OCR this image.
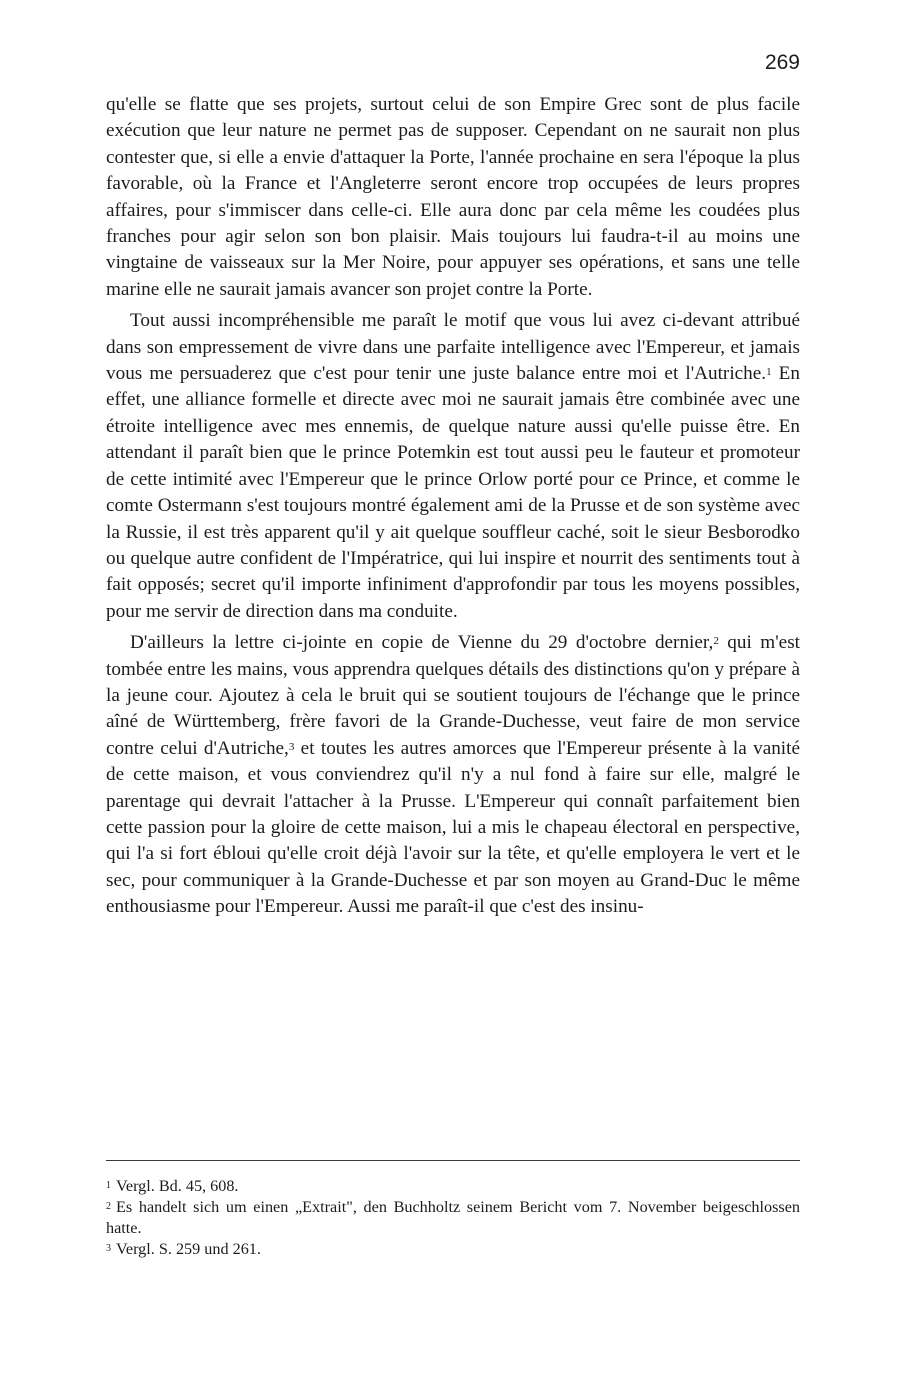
269

qu'elle se flatte que ses projets, surtout celui de son Empire Grec sont de plus facile exécution que leur nature ne permet pas de supposer. Cependant on ne saurait non plus contester que, si elle a envie d'attaquer la Porte, l'année prochaine en sera l'époque la plus favorable, où la France et l'Angleterre seront encore trop occupées de leurs propres affaires, pour s'immiscer dans celle-ci. Elle aura donc par cela même les coudées plus franches pour agir selon son bon plaisir. Mais toujours lui faudra-t-il au moins une vingtaine de vaisseaux sur la Mer Noire, pour appuyer ses opérations, et sans une telle marine elle ne saurait jamais avancer son projet contre la Porte.

Tout aussi incompréhensible me paraît le motif que vous lui avez ci-devant attribué dans son empressement de vivre dans une parfaite intelligence avec l'Empereur, et jamais vous me persuaderez que c'est pour tenir une juste balance entre moi et l'Autriche.$^1$ En effet, une alliance formelle et directe avec moi ne saurait jamais être combinée avec une étroite intelligence avec mes ennemis, de quelque nature aussi qu'elle puisse être. En attendant il paraît bien que le prince Potemkin est tout aussi peu le fauteur et promoteur de cette intimité avec l'Empereur que le prince Orlow porté pour ce Prince, et comme le comte Ostermann s'est toujours montré également ami de la Prusse et de son système avec la Russie, il est très apparent qu'il y ait quelque souffleur caché, soit le sieur Besborodko ou quelque autre confident de l'Impératrice, qui lui inspire et nourrit des sentiments tout à fait opposés; secret qu'il importe infiniment d'approfondir par tous les moyens possibles, pour me servir de direction dans ma conduite.

D'ailleurs la lettre ci-jointe en copie de Vienne du 29 d'octobre dernier,$^2$ qui m'est tombée entre les mains, vous apprendra quelques détails des distinctions qu'on y prépare à la jeune cour. Ajoutez à cela le bruit qui se soutient toujours de l'échange que le prince aîné de Württemberg, frère favori de la Grande-Duchesse, veut faire de mon service contre celui d'Autriche,$^3$ et toutes les autres amorces que l'Empereur présente à la vanité de cette maison, et vous conviendrez qu'il n'y a nul fond à faire sur elle, malgré le parentage qui devrait l'attacher à la Prusse. L'Empereur qui connaît parfaitement bien cette passion pour la gloire de cette maison, lui a mis le chapeau électoral en perspective, qui l'a si fort ébloui qu'elle croit déjà l'avoir sur la tête, et qu'elle employera le vert et le sec, pour communiquer à la Grande-Duchesse et par son moyen au Grand-Duc le même enthousiasme pour l'Empereur. Aussi me paraît-il que c'est des insinu-

$^1$ Vergl. Bd. 45, 608.

$^2$ Es handelt sich um einen „Extrait", den Buchholtz seinem Bericht vom 7. November beigeschlossen hatte.

$^3$ Vergl. S. 259 und 261.
